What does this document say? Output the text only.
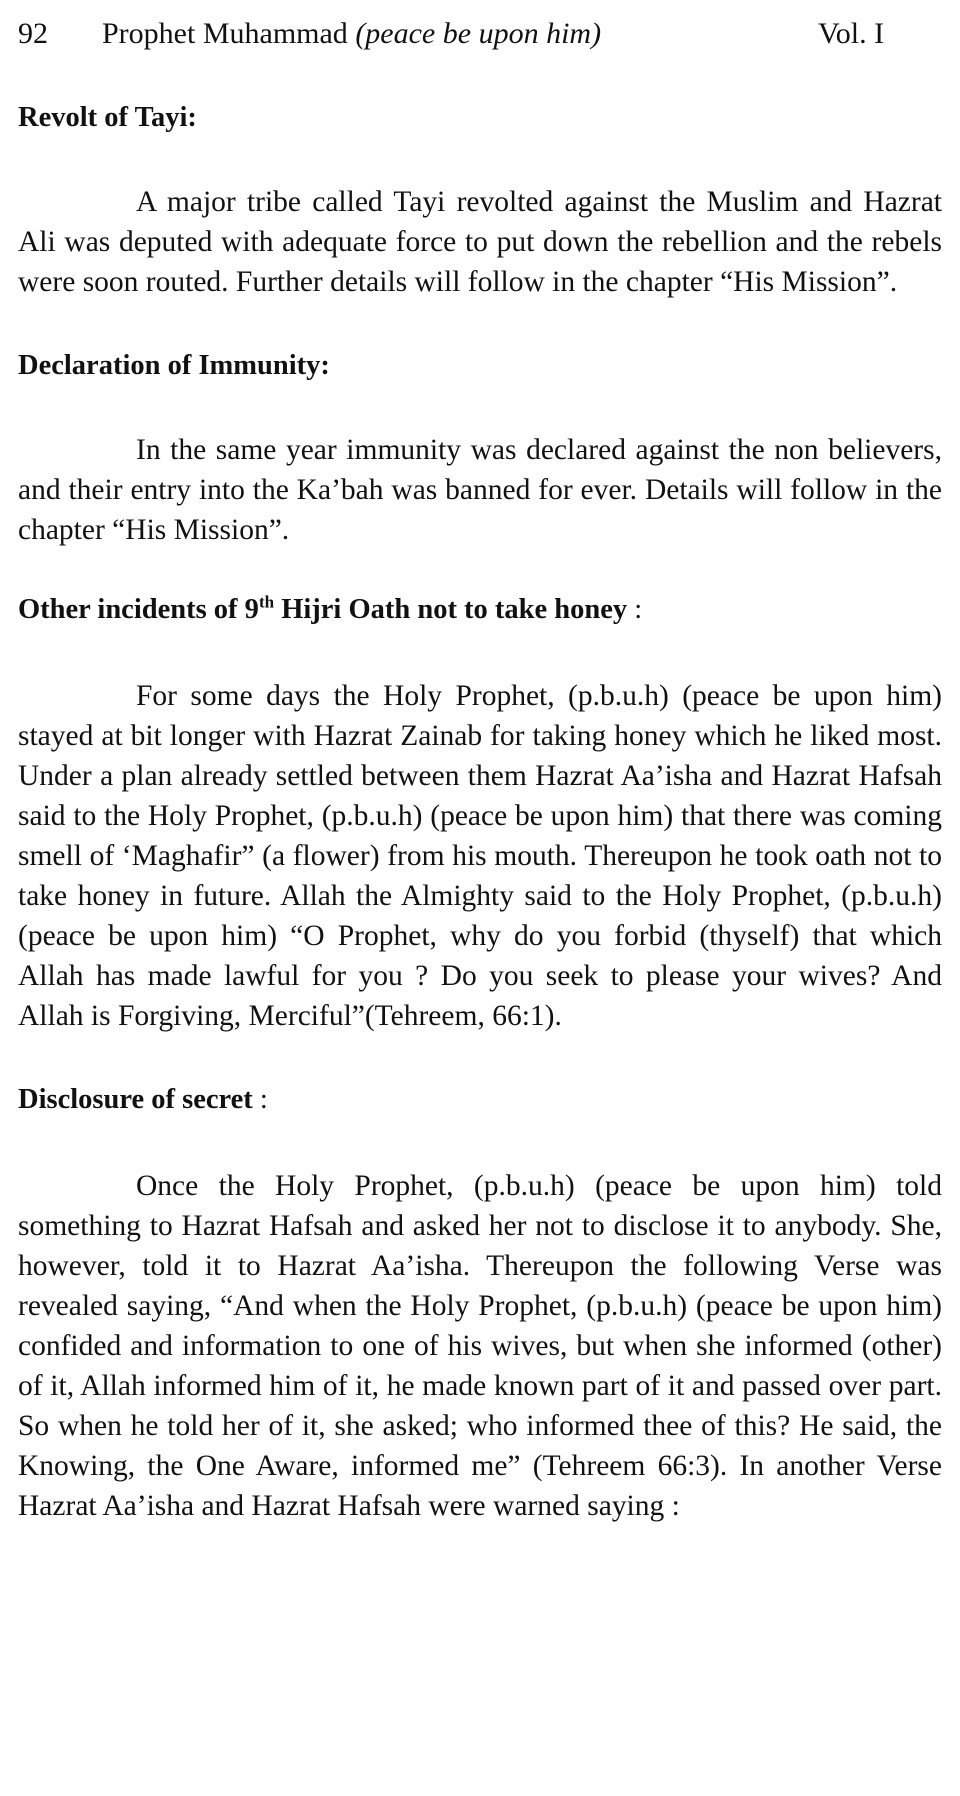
92 Prophet Muhammad (peace be upon him)	Vol. I
Revolt of Tayi:

A major tribe called Tayi revolted against the Muslim and Hazrat Ali was deputed with adequate force to put down the rebellion and the rebels were soon routed. Further details will follow in the chapter “His Mission”.

Declaration of Immunity:

In the same year immunity was declared against the non believers, and their entry into the Ka’bah was banned for ever. Details will follow in the chapter “His Mission”.

Other incidents of 9th Hijri Oath not to take honey :

For some days the Holy Prophet, (p.b.u.h) (peace be upon him) stayed at bit longer with Hazrat Zainab for taking honey which he liked most. Under a plan already settled between them Hazrat Aa’isha and Hazrat Hafsah said to the Holy Prophet, (p.b.u.h) (peace be upon him) that there was coming smell of ‘Maghafir” (a flower) from his mouth. Thereupon he took oath not to take honey in future. Allah the Almighty said to the Holy Prophet, (p.b.u.h) (peace be upon him) “O Prophet, why do you forbid (thyself) that which Allah has made lawful for you ? Do you seek to please your wives? And Allah is Forgiving, Merciful”(Tehreem, 66:1).

Disclosure of secret :

Once the Holy Prophet, (p.b.u.h) (peace be upon him) told something to Hazrat Hafsah and asked her not to disclose it to anybody. She, however, told it to Hazrat Aa’isha. Thereupon the following Verse was revealed saying, “And when the Holy Prophet, (p.b.u.h) (peace be upon him) confided and information to one of his wives, but when she informed (other) of it, Allah informed him of it, he made known part of it and passed over part. So when he told her of it, she asked; who informed thee of this? He said, the Knowing, the One Aware, informed me” (Tehreem 66:3). In another Verse Hazrat Aa’isha and Hazrat Hafsah were warned saying :
